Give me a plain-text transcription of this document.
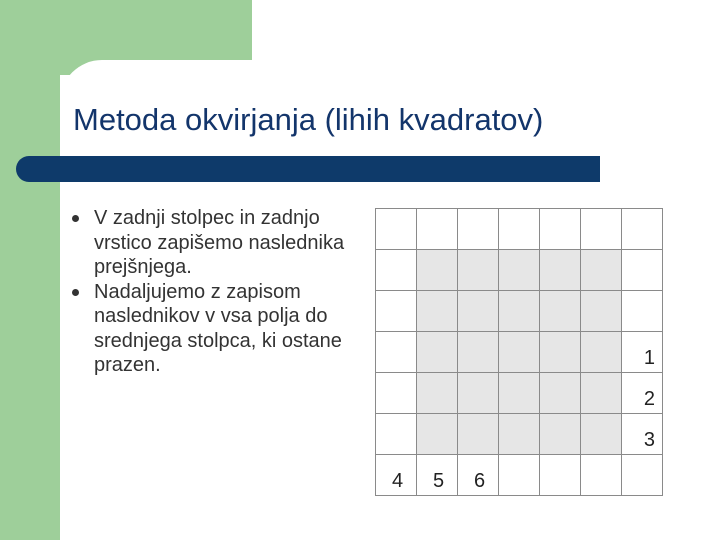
Metoda okvirjanja (lihih kvadratov)
V zadnji stolpec in zadnjo vrstico zapišemo naslednika prejšnjega.
Nadaljujemo z zapisom naslednikov v vsa polja do srednjega stolpca, ki ostane prazen.	1
2
3
4 5 6
